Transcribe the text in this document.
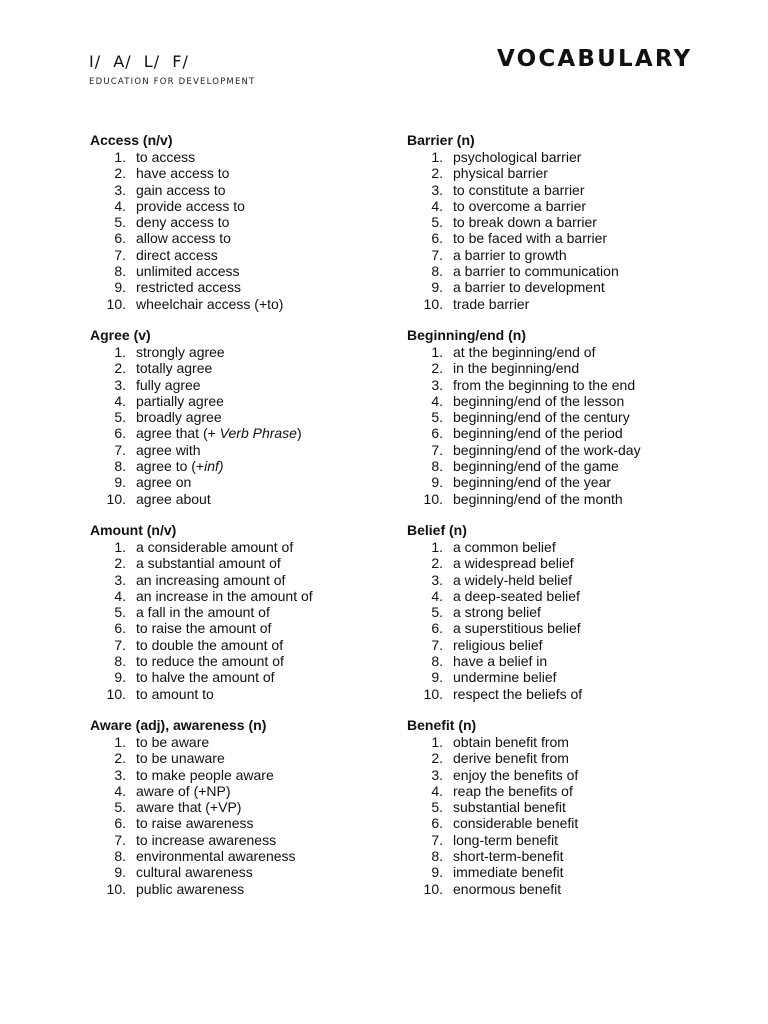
I/  A/  L/  F/
EDUCATION FOR DEVELOPMENT
VOCABULARY
Access (n/v)
1. to access
2. have access to
3. gain access to
4. provide access to
5. deny access to
6. allow access to
7. direct access
8. unlimited access
9. restricted access
10. wheelchair access (+to)
Agree (v)
1. strongly agree
2. totally agree
3. fully agree
4. partially agree
5. broadly agree
6. agree that (+ Verb Phrase)
7. agree with
8. agree to (+inf)
9. agree on
10. agree about
Amount (n/v)
1. a considerable amount of
2. a substantial amount of
3. an increasing amount of
4. an increase in the amount of
5. a fall in the amount of
6. to raise the amount of
7. to double the amount of
8. to reduce the amount of
9. to halve the amount of
10. to amount to
Aware (adj), awareness (n)
1. to be aware
2. to be unaware
3. to make people aware
4. aware of (+NP)
5. aware that (+VP)
6. to raise awareness
7. to increase awareness
8. environmental awareness
9. cultural awareness
10. public awareness
Barrier (n)
1. psychological barrier
2. physical barrier
3. to constitute a barrier
4. to overcome a barrier
5. to break down a barrier
6. to be faced with a barrier
7. a barrier to growth
8. a barrier to communication
9. a barrier to development
10. trade barrier
Beginning/end (n)
1. at the beginning/end of
2. in the beginning/end
3. from the beginning to the end
4. beginning/end of the lesson
5. beginning/end of the century
6. beginning/end of the period
7. beginning/end of the work-day
8. beginning/end of the game
9. beginning/end of the year
10. beginning/end of the month
Belief (n)
1. a common belief
2. a widespread belief
3. a widely-held belief
4. a deep-seated belief
5. a strong belief
6. a superstitious belief
7. religious belief
8. have a belief in
9. undermine belief
10. respect the beliefs of
Benefit (n)
1. obtain benefit from
2. derive benefit from
3. enjoy the benefits of
4. reap the benefits of
5. substantial benefit
6. considerable benefit
7. long-term benefit
8. short-term-benefit
9. immediate benefit
10. enormous benefit
